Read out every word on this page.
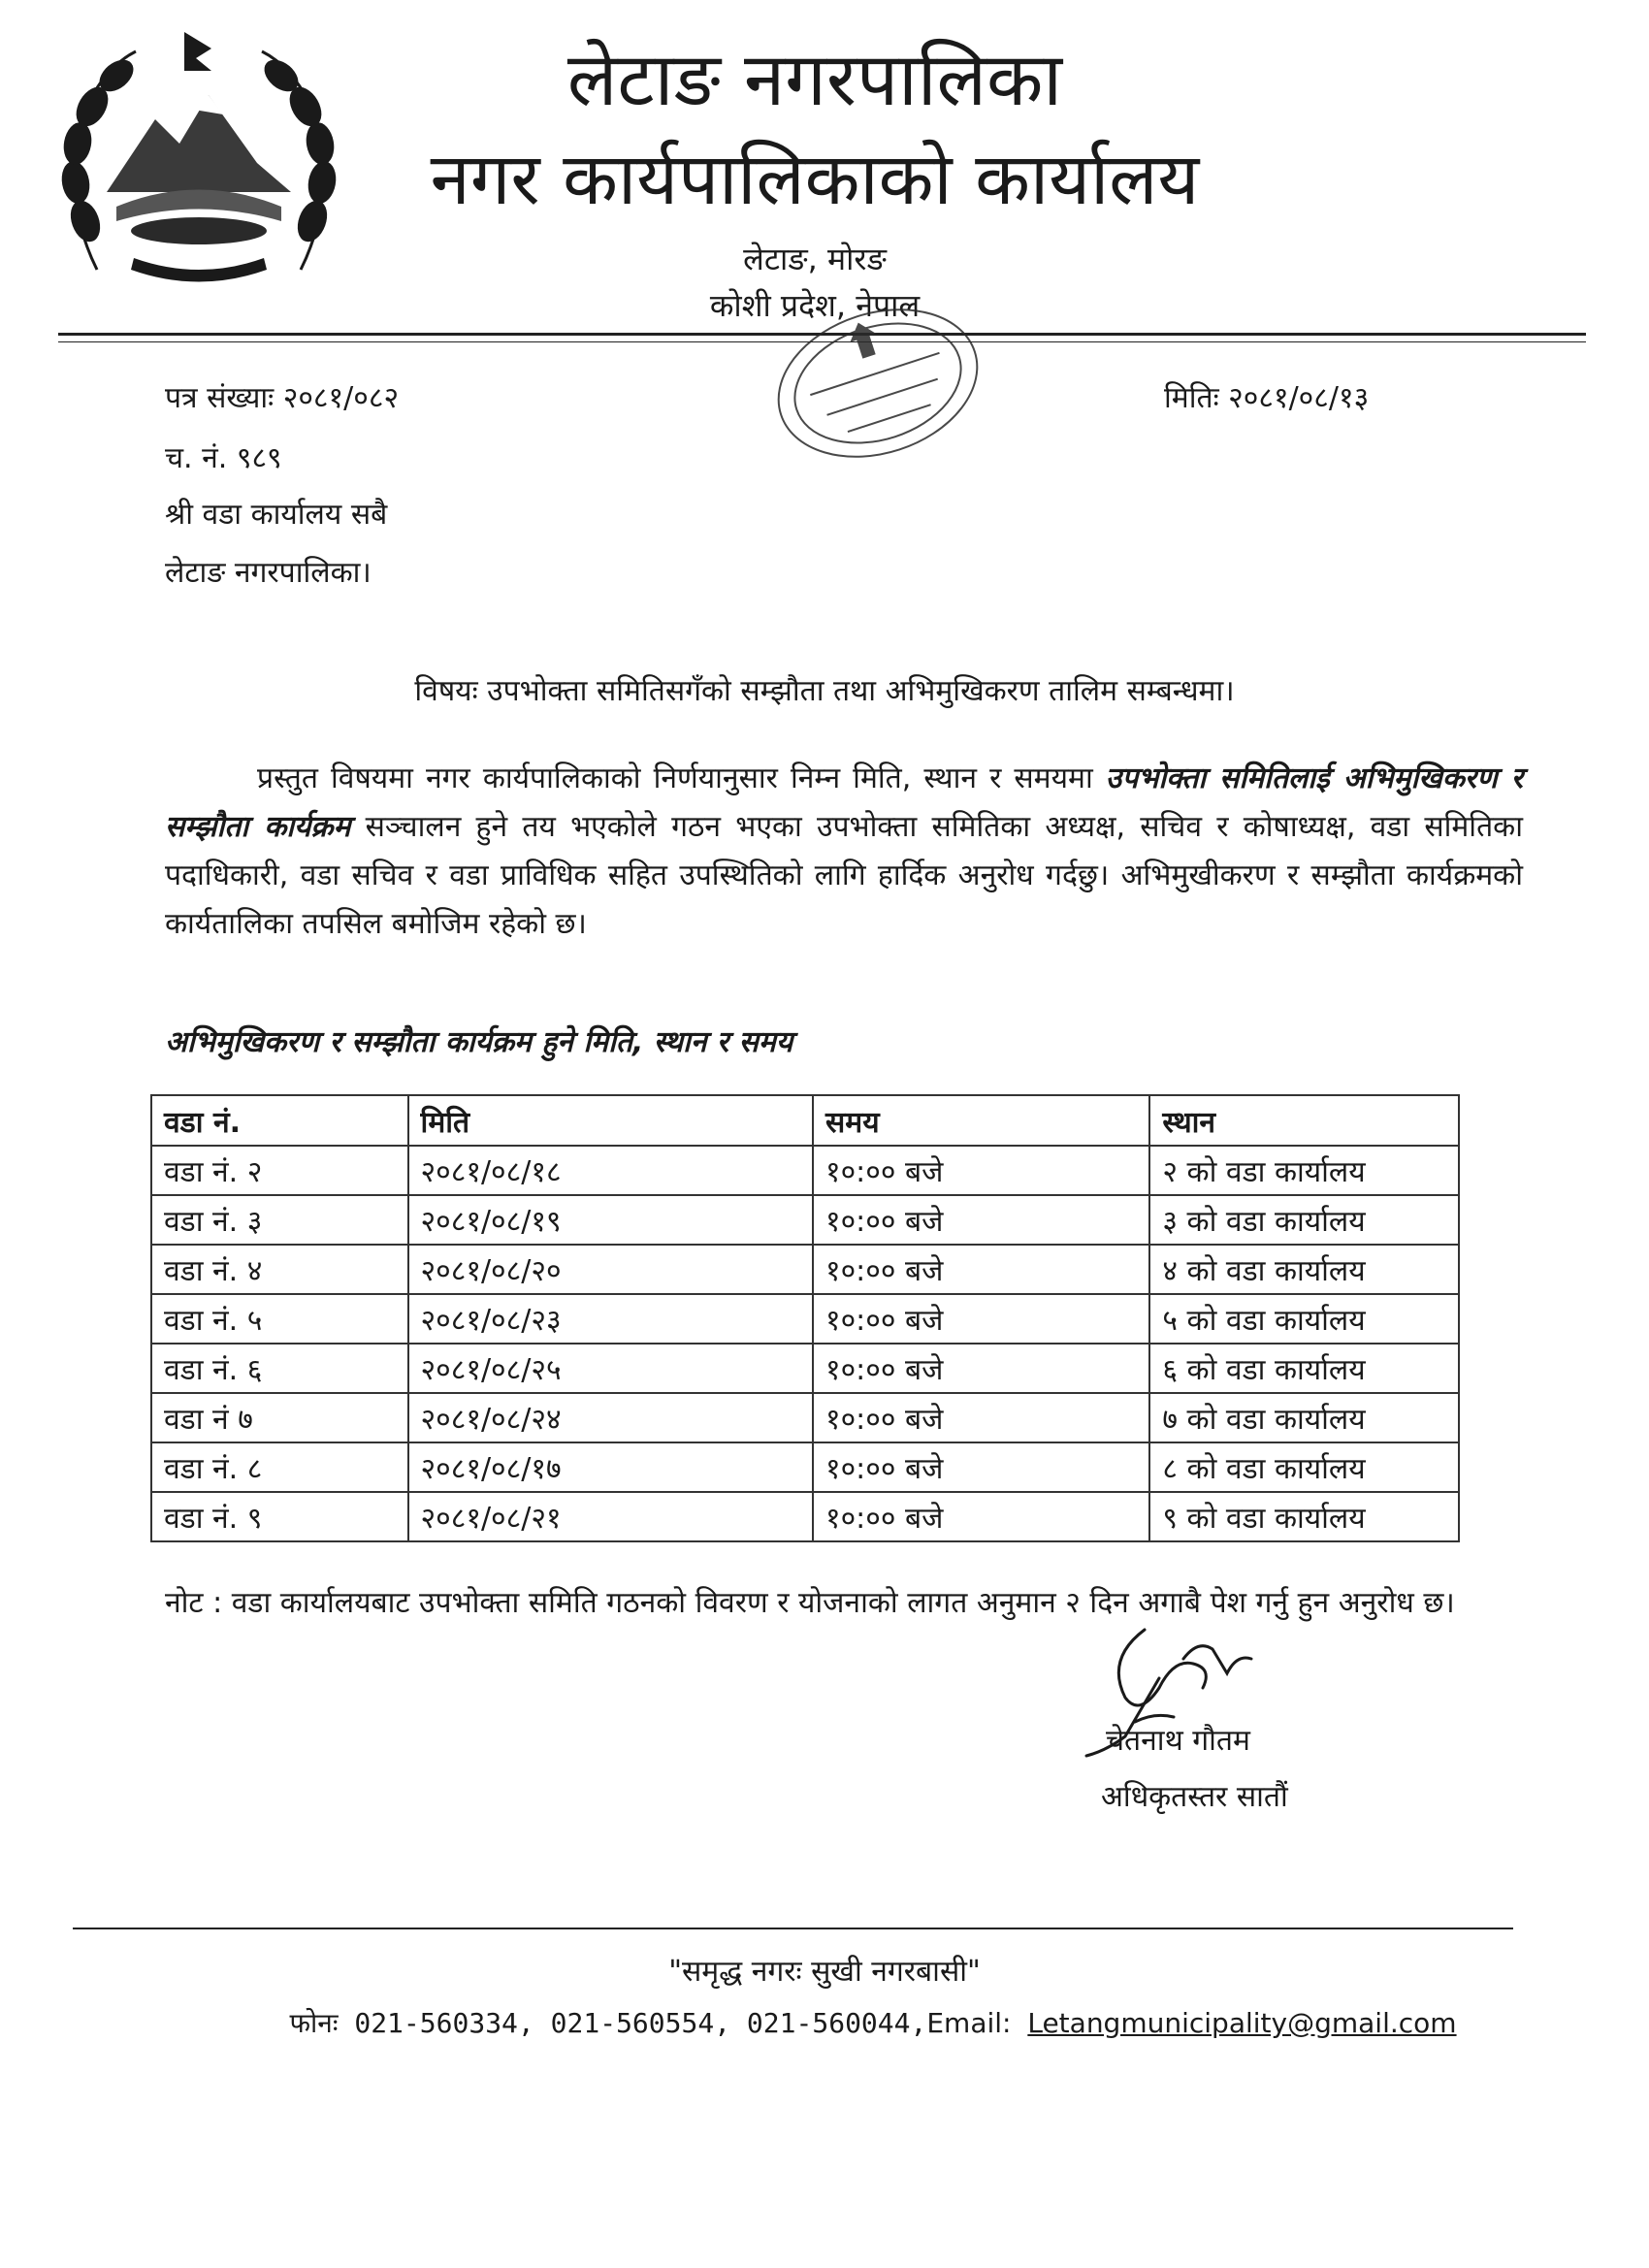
लेटाङ नगरपालिका
नगर कार्यपालिकाको कार्यालय
लेटाङ, मोरङ
कोशी प्रदेश, नेपाल
पत्र संख्याः २०८१/०८२	मितिः २०८१/०८/१३
च. नं. ९८९
श्री वडा कार्यालय सबै
लेटाङ नगरपालिका।
विषयः उपभोक्ता समितिसगँको सम्झौता तथा अभिमुखिकरण तालिम सम्बन्धमा।

प्रस्तुत विषयमा नगर कार्यपालिकाको निर्णयानुसार निम्न मिति, स्थान र समयमा उपभोक्ता समितिलाई अभिमुखिकरण र सम्झौता कार्यक्रम सञ्चालन हुने तय भएकोले गठन भएका उपभोक्ता समितिका अध्यक्ष, सचिव र कोषाध्यक्ष, वडा समितिका पदाधिकारी, वडा सचिव र वडा प्राविधिक सहित उपस्थितिको लागि हार्दिक अनुरोध गर्दछु। अभिमुखीकरण र सम्झौता कार्यक्रमको कार्यतालिका तपसिल बमोजिम रहेको छ।

अभिमुखिकरण र सम्झौता कार्यक्रम हुने मिति, स्थान र समय
वडा नं.	मिति	समय	स्थान
वडा नं. २	२०८१/०८/१८	१०:०० बजे	२ को वडा कार्यालय
वडा नं. ३	२०८१/०८/१९	१०:०० बजे	३ को वडा कार्यालय
वडा नं. ४	२०८१/०८/२०	१०:०० बजे	४ को वडा कार्यालय
वडा नं. ५	२०८१/०८/२३	१०:०० बजे	५ को वडा कार्यालय
वडा नं. ६	२०८१/०८/२५	१०:०० बजे	६ को वडा कार्यालय
वडा नं ७	२०८१/०८/२४	१०:०० बजे	७ को वडा कार्यालय
वडा नं. ८	२०८१/०८/१७	१०:०० बजे	८ को वडा कार्यालय
वडा नं. ९	२०८१/०८/२१	१०:०० बजे	९ को वडा कार्यालय

नोट : वडा कार्यालयबाट उपभोक्ता समिति गठनको विवरण र योजनाको लागत अनुमान २ दिन अगाबै पेश गर्नु हुन अनुरोध छ।

चेतनाथ गौतम
अधिकृतस्तर सातौं
"समृद्ध नगरः सुखी नगरबासी"
फोनः 021-560334, 021-560554, 021-560044,Email: Letangmunicipality@gmail.com
